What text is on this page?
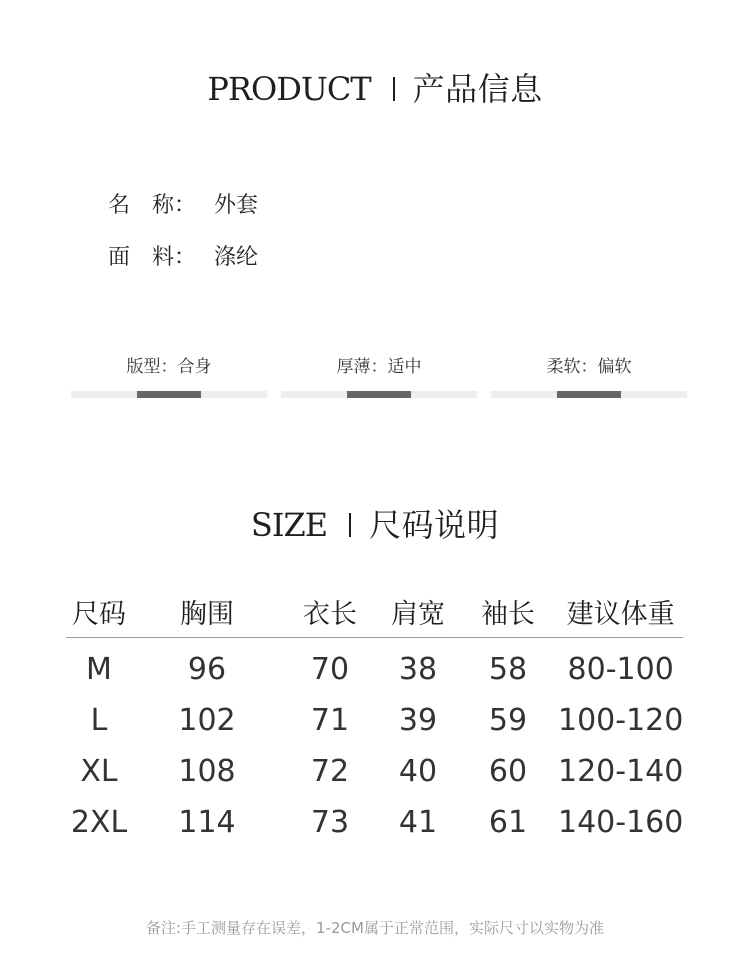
PRODUCT 产品信息
名　称： 外套
面　料： 涤纶
版型：合身	厚薄：适中	柔软：偏软
SIZE 尺码说明
尺码	胸围	衣长	肩宽	袖长	建议体重
M	96	70	38	58	80-100
L	102	71	39	59	100-120
XL	108	72	40	60	120-140
2XL	114	73	41	61	140-160
备注:手工测量存在误差，1-2CM属于正常范围，实际尺寸以实物为准
